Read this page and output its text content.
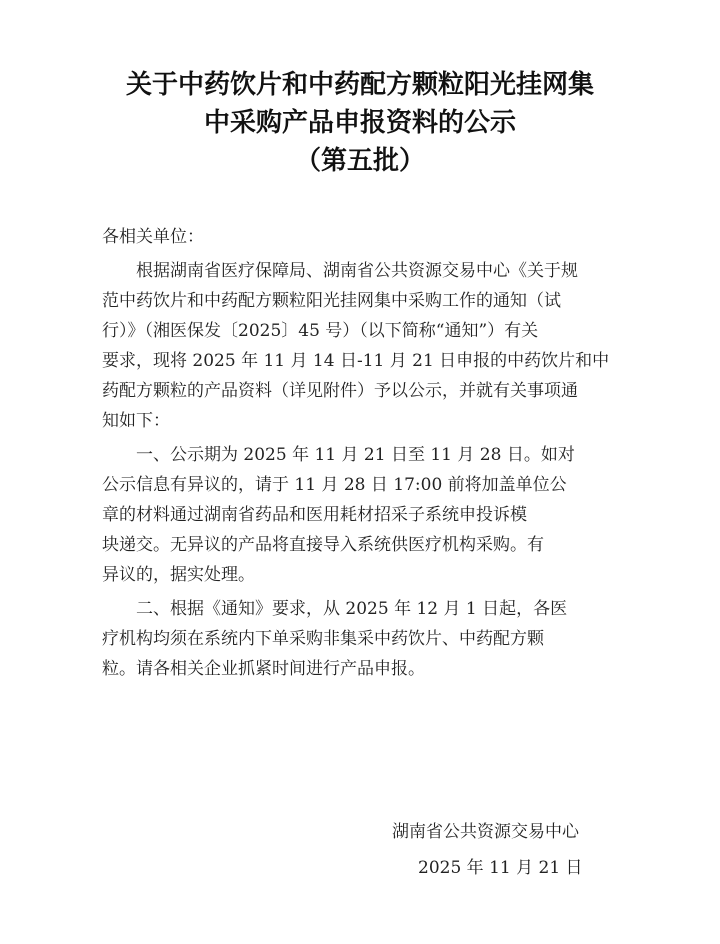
关于中药饮片和中药配方颗粒阳光挂网集
中采购产品申报资料的公示
（第五批）
各相关单位：
　　根据湖南省医疗保障局、湖南省公共资源交易中心《关于规
范中药饮片和中药配方颗粒阳光挂网集中采购工作的通知（试
行）》（湘医保发〔2025〕45 号）（以下简称“通知”）有关
要求，现将 2025 年 11 月 14 日-11 月 21 日申报的中药饮片和中
药配方颗粒的产品资料（详见附件）予以公示，并就有关事项通
知如下：
　　一、公示期为 2025 年 11 月 21 日至 11 月 28 日。如对
公示信息有异议的，请于 11 月 28 日 17:00 前将加盖单位公
章的材料通过湖南省药品和医用耗材招采子系统申投诉模
块递交。无异议的产品将直接导入系统供医疗机构采购。有
异议的，据实处理。
　　二、根据《通知》要求，从 2025 年 12 月 1 日起，各医
疗机构均须在系统内下单采购非集采中药饮片、中药配方颗
粒。请各相关企业抓紧时间进行产品申报。
湖南省公共资源交易中心
2025 年 11 月 21 日
